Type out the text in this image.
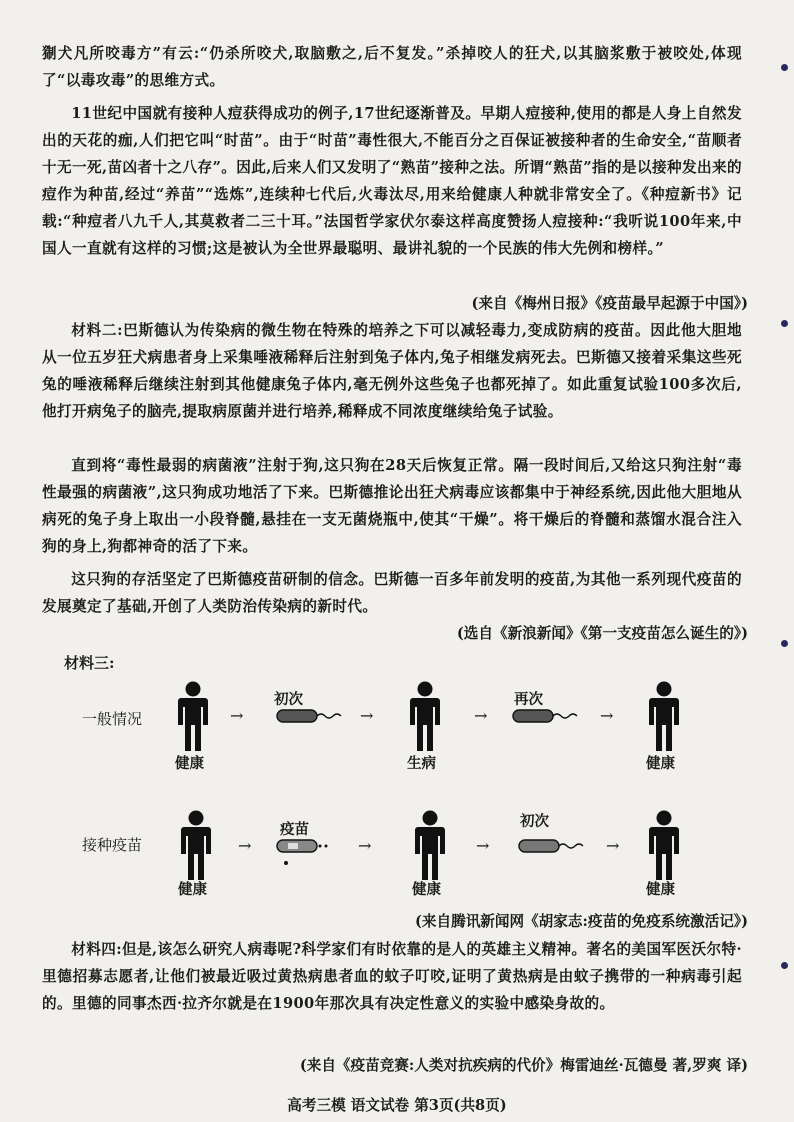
猘犬凡所咬毒方”有云:“仍杀所咬犬,取脑敷之,后不复发。”杀掉咬人的狂犬,以其脑浆敷于被咬处,体现了“以毒攻毒”的思维方式。
11世纪中国就有接种人痘获得成功的例子,17世纪逐渐普及。早期人痘接种,使用的都是人身上自然发出的天花的痂,人们把它叫“时苗”。由于“时苗”毒性很大,不能百分之百保证被接种者的生命安全,“苗顺者十无一死,苗凶者十之八存”。因此,后来人们又发明了“熟苗”接种之法。所谓“熟苗”指的是以接种发出来的痘作为种苗,经过“养苗”“选炼”,连续种七代后,火毒汰尽,用来给健康人种就非常安全了。《种痘新书》记载:“种痘者八九千人,其莫救者二三十耳。”法国哲学家伏尔泰这样高度赞扬人痘接种:“我听说100年来,中国人一直就有这样的习惯;这是被认为全世界最聪明、最讲礼貌的一个民族的伟大先例和榜样。”
(来自《梅州日报》《疫苗最早起源于中国》)
材料二:巴斯德认为传染病的微生物在特殊的培养之下可以减轻毒力,变成防病的疫苗。因此他大胆地从一位五岁狂犬病患者身上采集唾液稀释后注射到兔子体内,兔子相继发病死去。巴斯德又接着采集这些死兔的唾液稀释后继续注射到其他健康兔子体内,毫无例外这些兔子也都死掉了。如此重复试验100多次后,他打开病兔子的脑壳,提取病原菌并进行培养,稀释成不同浓度继续给兔子试验。
直到将“毒性最弱的病菌液”注射于狗,这只狗在28天后恢复正常。隔一段时间后,又给这只狗注射“毒性最强的病菌液”,这只狗成功地活了下来。巴斯德推论出狂犬病毒应该都集中于神经系统,因此他大胆地从病死的兔子身上取出一小段脊髓,悬挂在一支无菌烧瓶中,使其“干燥”。将干燥后的脊髓和蒸馏水混合注入狗的身上,狗都神奇的活了下来。
这只狗的存活坚定了巴斯德疫苗研制的信念。巴斯德一百多年前发明的疫苗,为其他一系列现代疫苗的发展奠定了基础,开创了人类防治传染病的新时代。
(选自《新浪新闻》《第一支疫苗怎么诞生的》)
材料三:
一般情况
健康
→
初次
→
生病
→
再次
→
健康
接种疫苗
健康
→
疫苗
→
健康
→
初次
→
健康
(来自腾讯新闻网《胡家志:疫苗的免疫系统激活记》)
材料四:但是,该怎么研究人病毒呢?科学家们有时依靠的是人的英雄主义精神。著名的美国军医沃尔特·里德招募志愿者,让他们被最近吸过黄热病患者血的蚊子叮咬,证明了黄热病是由蚊子携带的一种病毒引起的。里德的同事杰西·拉齐尔就是在1900年那次具有决定性意义的实验中感染身故的。
(来自《疫苗竞赛:人类对抗疾病的代价》梅雷迪丝·瓦德曼 著,罗爽 译)
高考三模 语文试卷 第3页(共8页)
